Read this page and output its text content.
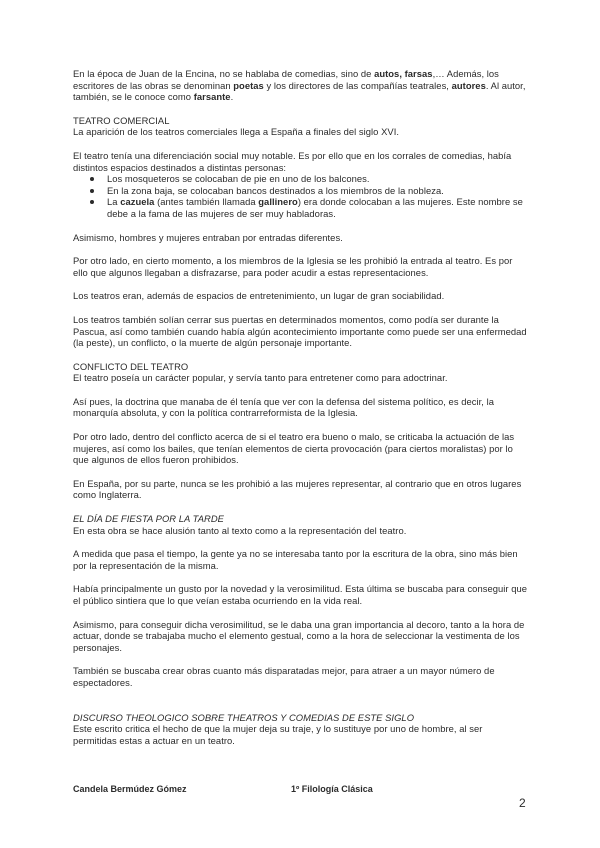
En la época de Juan de la Encina, no se hablaba de comedias, sino de autos, farsas,… Además, los escritores de las obras se denominan poetas y los directores de las compañías teatrales, autores. Al autor, también, se le conoce como farsante.

TEATRO COMERCIAL

La aparición de los teatros comerciales llega a España a finales del siglo XVI.

El teatro tenía una diferenciación social muy notable. Es por ello que en los corrales de comedias, había distintos espacios destinados a distintas personas:

Los mosqueteros se colocaban de pie en uno de los balcones.
En la zona baja, se colocaban bancos destinados a los miembros de la nobleza.
La cazuela (antes también llamada gallinero) era donde colocaban a las mujeres. Este nombre se debe a la fama de las mujeres de ser muy habladoras.

Asimismo, hombres y mujeres entraban por entradas diferentes.

Por otro lado, en cierto momento, a los miembros de la Iglesia se les prohibió la entrada al teatro. Es por ello que algunos llegaban a disfrazarse, para poder acudir a estas representaciones.

Los teatros eran, además de espacios de entretenimiento, un lugar de gran sociabilidad.

Los teatros también solían cerrar sus puertas en determinados momentos, como podía ser durante la Pascua, así como también cuando había algún acontecimiento importante como puede ser una enfermedad (la peste), un conflicto, o la muerte de algún personaje importante.

CONFLICTO DEL TEATRO

El teatro poseía un carácter popular, y servía tanto para entretener como para adoctrinar.

Así pues, la doctrina que manaba de él tenía que ver con la defensa del sistema político, es decir, la monarquía absoluta, y con la política contrarreformista de la Iglesia.

Por otro lado, dentro del conflicto acerca de si el teatro era bueno o malo, se criticaba la actuación de las mujeres, así como los bailes, que tenían elementos de cierta provocación (para ciertos moralistas) por lo que algunos de ellos fueron prohibidos.

En España, por su parte, nunca se les prohibió a las mujeres representar, al contrario que en otros lugares como Inglaterra.

EL DÍA DE FIESTA POR LA TARDE

En esta obra se hace alusión tanto al texto como a la representación del teatro.

A medida que pasa el tiempo, la gente ya no se interesaba tanto por la escritura de la obra, sino más bien por la representación de la misma.

Había principalmente un gusto por la novedad y la verosimilitud. Esta última se buscaba para conseguir que el público sintiera que lo que veían estaba ocurriendo en la vida real.

Asimismo, para conseguir dicha verosimilitud, se le daba una gran importancia al decoro, tanto a la hora de actuar, donde se trabajaba mucho el elemento gestual, como a la hora de seleccionar la vestimenta de los personajes.

También se buscaba crear obras cuanto más disparatadas mejor, para atraer a un mayor número de espectadores.

DISCURSO THEOLOGICO SOBRE THEATROS Y COMEDIAS DE ESTE SIGLO

Este escrito critica el hecho de que la mujer deja su traje, y lo sustituye por uno de hombre, al ser permitidas estas a actuar en un teatro.

Candela Bermúdez Gómez	1º Filología Clásica
2
